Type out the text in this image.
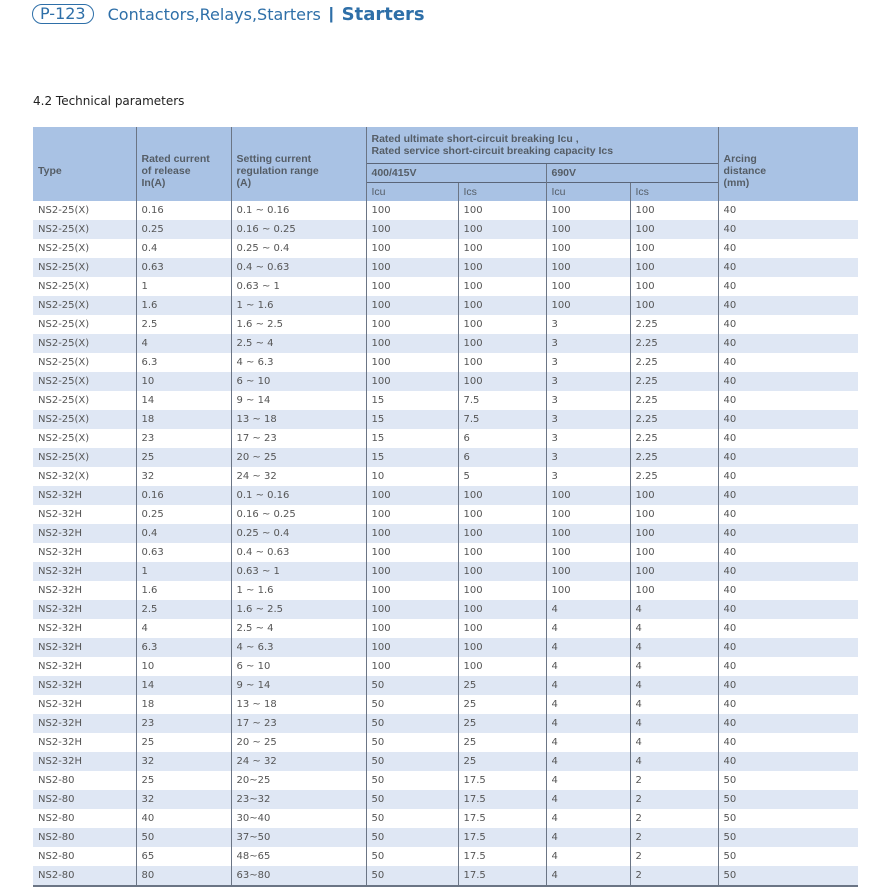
P-123	Contactors,Relays,Starters | Starters
4.2 Technical parameters
Type	Rated current
of release
In(A)	Setting current
regulation range
(A)	Rated ultimate short-circuit breaking Icu ,
Rated service short-circuit breaking capacity Ics				Arcing
distance
(mm)
			400/415V		690V		
			Icu	Ics	Icu	Ics	
NS2-25(X)	0.16	0.1 ~ 0.16	100	100	100	100	40
NS2-25(X)	0.25	0.16 ~ 0.25	100	100	100	100	40
NS2-25(X)	0.4	0.25 ~ 0.4	100	100	100	100	40
NS2-25(X)	0.63	0.4 ~ 0.63	100	100	100	100	40
NS2-25(X)	1	0.63 ~ 1	100	100	100	100	40
NS2-25(X)	1.6	1 ~ 1.6	100	100	100	100	40
NS2-25(X)	2.5	1.6 ~ 2.5	100	100	3	2.25	40
NS2-25(X)	4	2.5 ~ 4	100	100	3	2.25	40
NS2-25(X)	6.3	4 ~ 6.3	100	100	3	2.25	40
NS2-25(X)	10	6 ~ 10	100	100	3	2.25	40
NS2-25(X)	14	9 ~ 14	15	7.5	3	2.25	40
NS2-25(X)	18	13 ~ 18	15	7.5	3	2.25	40
NS2-25(X)	23	17 ~ 23	15	6	3	2.25	40
NS2-25(X)	25	20 ~ 25	15	6	3	2.25	40
NS2-32(X)	32	24 ~ 32	10	5	3	2.25	40
NS2-32H	0.16	0.1 ~ 0.16	100	100	100	100	40
NS2-32H	0.25	0.16 ~ 0.25	100	100	100	100	40
NS2-32H	0.4	0.25 ~ 0.4	100	100	100	100	40
NS2-32H	0.63	0.4 ~ 0.63	100	100	100	100	40
NS2-32H	1	0.63 ~ 1	100	100	100	100	40
NS2-32H	1.6	1 ~ 1.6	100	100	100	100	40
NS2-32H	2.5	1.6 ~ 2.5	100	100	4	4	40
NS2-32H	4	2.5 ~ 4	100	100	4	4	40
NS2-32H	6.3	4 ~ 6.3	100	100	4	4	40
NS2-32H	10	6 ~ 10	100	100	4	4	40
NS2-32H	14	9 ~ 14	50	25	4	4	40
NS2-32H	18	13 ~ 18	50	25	4	4	40
NS2-32H	23	17 ~ 23	50	25	4	4	40
NS2-32H	25	20 ~ 25	50	25	4	4	40
NS2-32H	32	24 ~ 32	50	25	4	4	40
NS2-80	25	20~25	50	17.5	4	2	50
NS2-80	32	23~32	50	17.5	4	2	50
NS2-80	40	30~40	50	17.5	4	2	50
NS2-80	50	37~50	50	17.5	4	2	50
NS2-80	65	48~65	50	17.5	4	2	50
NS2-80	80	63~80	50	17.5	4	2	50
